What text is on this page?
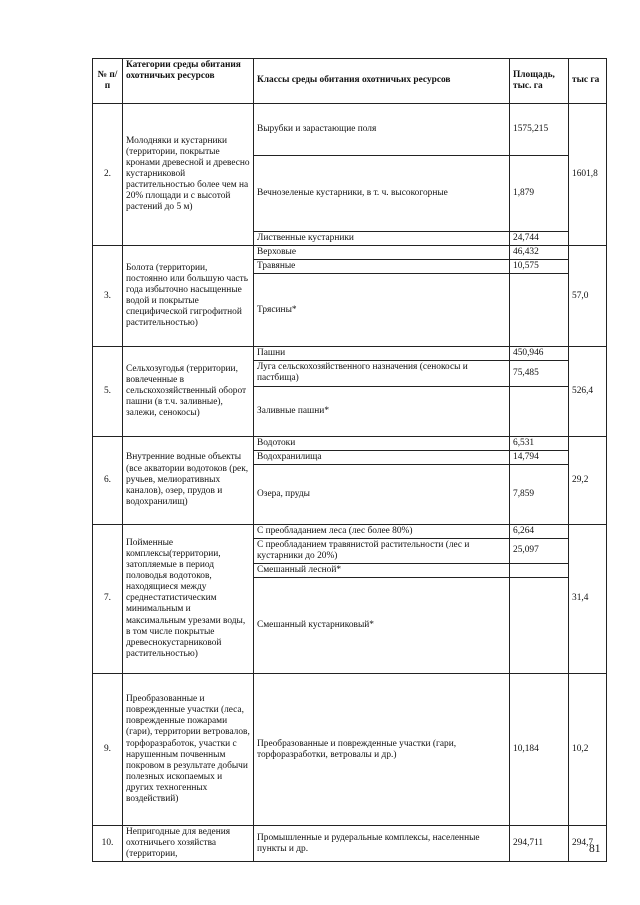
№ п/п	Категории среды обитания охотничьих ресурсов	Классы среды обитания охотничьих ресурсов	Площадь, тыс. га	тыс га
2.	Молодняки и кустарники (территории, покрытые кронами древесной и древесно кустарниковой растительностью более чем на 20% площади и с высотой растений до 5 м)	Вырубки и зарастающие поля	1575,215	1601,8
		Вечнозеленые кустарники, в т. ч. высокогорные	1,879	
		Лиственные кустарники	24,744	
3.	Болота (территории, постоянно или большую часть года избыточно насыщенные водой и покрытые специфической гигрофитной растительностью)	Верховые	46,432	57,0
		Травяные	10,575	
		Трясины*		
5.	Сельхозугодья (территории, вовлеченные в сельскохозяйственный оборот пашни (в т.ч. заливные), залежи, сенокосы)	Пашни	450,946	526,4
		Луга сельскохозяйственного назначения (сенокосы и пастбища)	75,485	
		Заливные пашни*		
6.	Внутренние водные объекты (все акватории водотоков (рек, ручьев, мелиоративных каналов), озер, прудов и водохранилищ)	Водотоки	6,531	29,2
		Водохранилища	14,794	
		Озера, пруды	7,859	
7.	Пойменные комплексы(территории, затопляемые в период половодья водотоков, находящиеся между среднестатистическим минимальным и максимальным урезами воды, в том числе покрытые древеснокустарниковой растительностью)	С преобладанием леса (лес более 80%)	6,264	31,4
		С преобладанием травянистой растительности (лес и кустарники до 20%)	25,097	
		Смешанный лесной*		
		Смешанный кустарниковый*		
9.	Преобразованные и поврежденные участки (леса, поврежденные пожарами (гари), территории ветровалов, торфоразработок, участки с нарушенным почвенным покровом в результате добычи полезных ископаемых и других техногенных воздействий)	Преобразованные и поврежденные участки (гари, торфоразработки, ветровалы и др.)	10,184	10,2
10.	Непригодные для ведения охотничьего хозяйства (территории,	Промышленные и рудеральные комплексы, населенные пункты и др.	294,711	294,7
81
